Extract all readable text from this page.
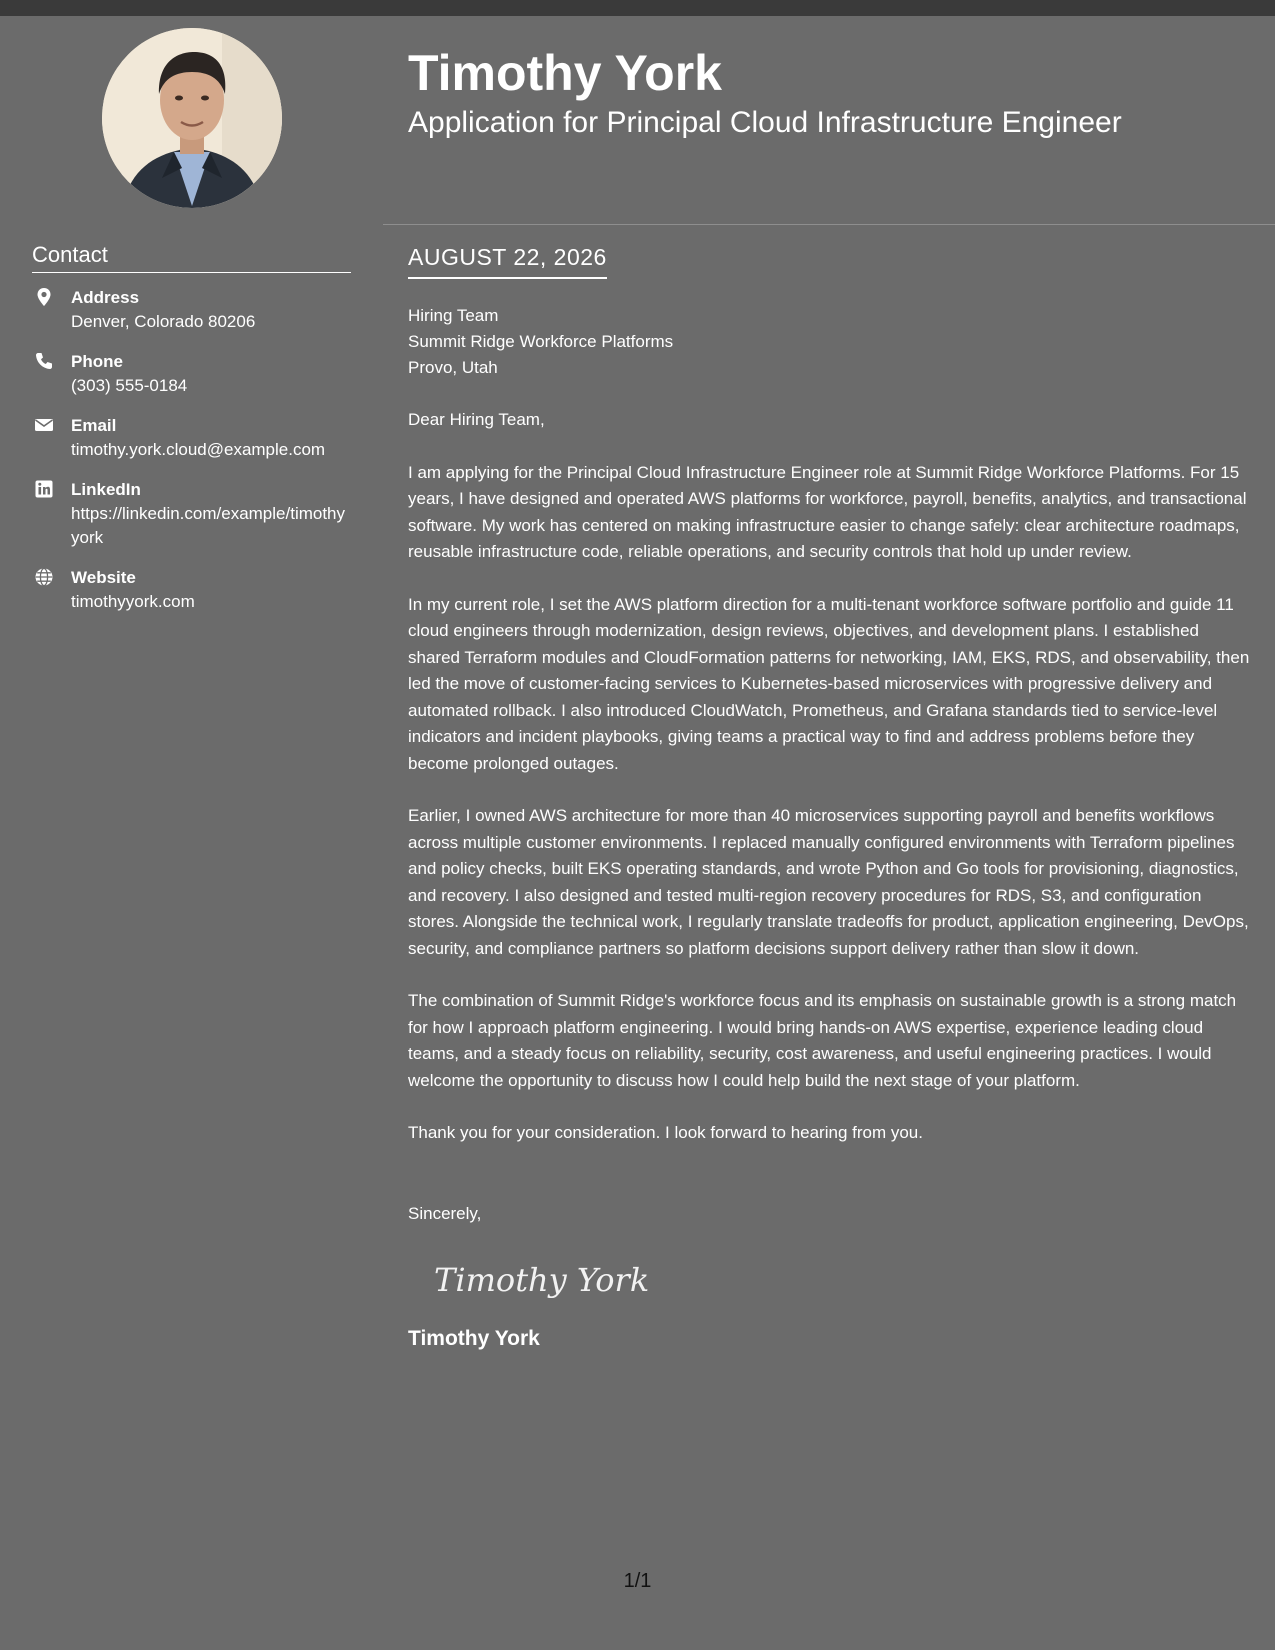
Contact
Address
Denver, Colorado 80206
Phone
(303) 555-0184
Email
timothy.york.cloud@example.com
LinkedIn
https://linkedin.com/example/timothyyork
Website
timothyyork.com
Timothy York
Application for Principal Cloud Infrastructure Engineer
AUGUST 22, 2026
Hiring Team
Summit Ridge Workforce Platforms
Provo, Utah

Dear Hiring Team,

I am applying for the Principal Cloud Infrastructure Engineer role at Summit Ridge Workforce Platforms. For 15 years, I have designed and operated AWS platforms for workforce, payroll, benefits, analytics, and transactional software. My work has centered on making infrastructure easier to change safely: clear architecture roadmaps, reusable infrastructure code, reliable operations, and security controls that hold up under review.

In my current role, I set the AWS platform direction for a multi-tenant workforce software portfolio and guide 11 cloud engineers through modernization, design reviews, objectives, and development plans. I established shared Terraform modules and CloudFormation patterns for networking, IAM, EKS, RDS, and observability, then led the move of customer-facing services to Kubernetes-based microservices with progressive delivery and automated rollback. I also introduced CloudWatch, Prometheus, and Grafana standards tied to service-level indicators and incident playbooks, giving teams a practical way to find and address problems before they become prolonged outages.

Earlier, I owned AWS architecture for more than 40 microservices supporting payroll and benefits workflows across multiple customer environments. I replaced manually configured environments with Terraform pipelines and policy checks, built EKS operating standards, and wrote Python and Go tools for provisioning, diagnostics, and recovery. I also designed and tested multi-region recovery procedures for RDS, S3, and configuration stores. Alongside the technical work, I regularly translate tradeoffs for product, application engineering, DevOps, security, and compliance partners so platform decisions support delivery rather than slow it down.

The combination of Summit Ridge's workforce focus and its emphasis on sustainable growth is a strong match for how I approach platform engineering. I would bring hands-on AWS expertise, experience leading cloud teams, and a steady focus on reliability, security, cost awareness, and useful engineering practices. I would welcome the opportunity to discuss how I could help build the next stage of your platform.

Thank you for your consideration. I look forward to hearing from you.

Sincerely,
Timothy York
Timothy York
1/1
